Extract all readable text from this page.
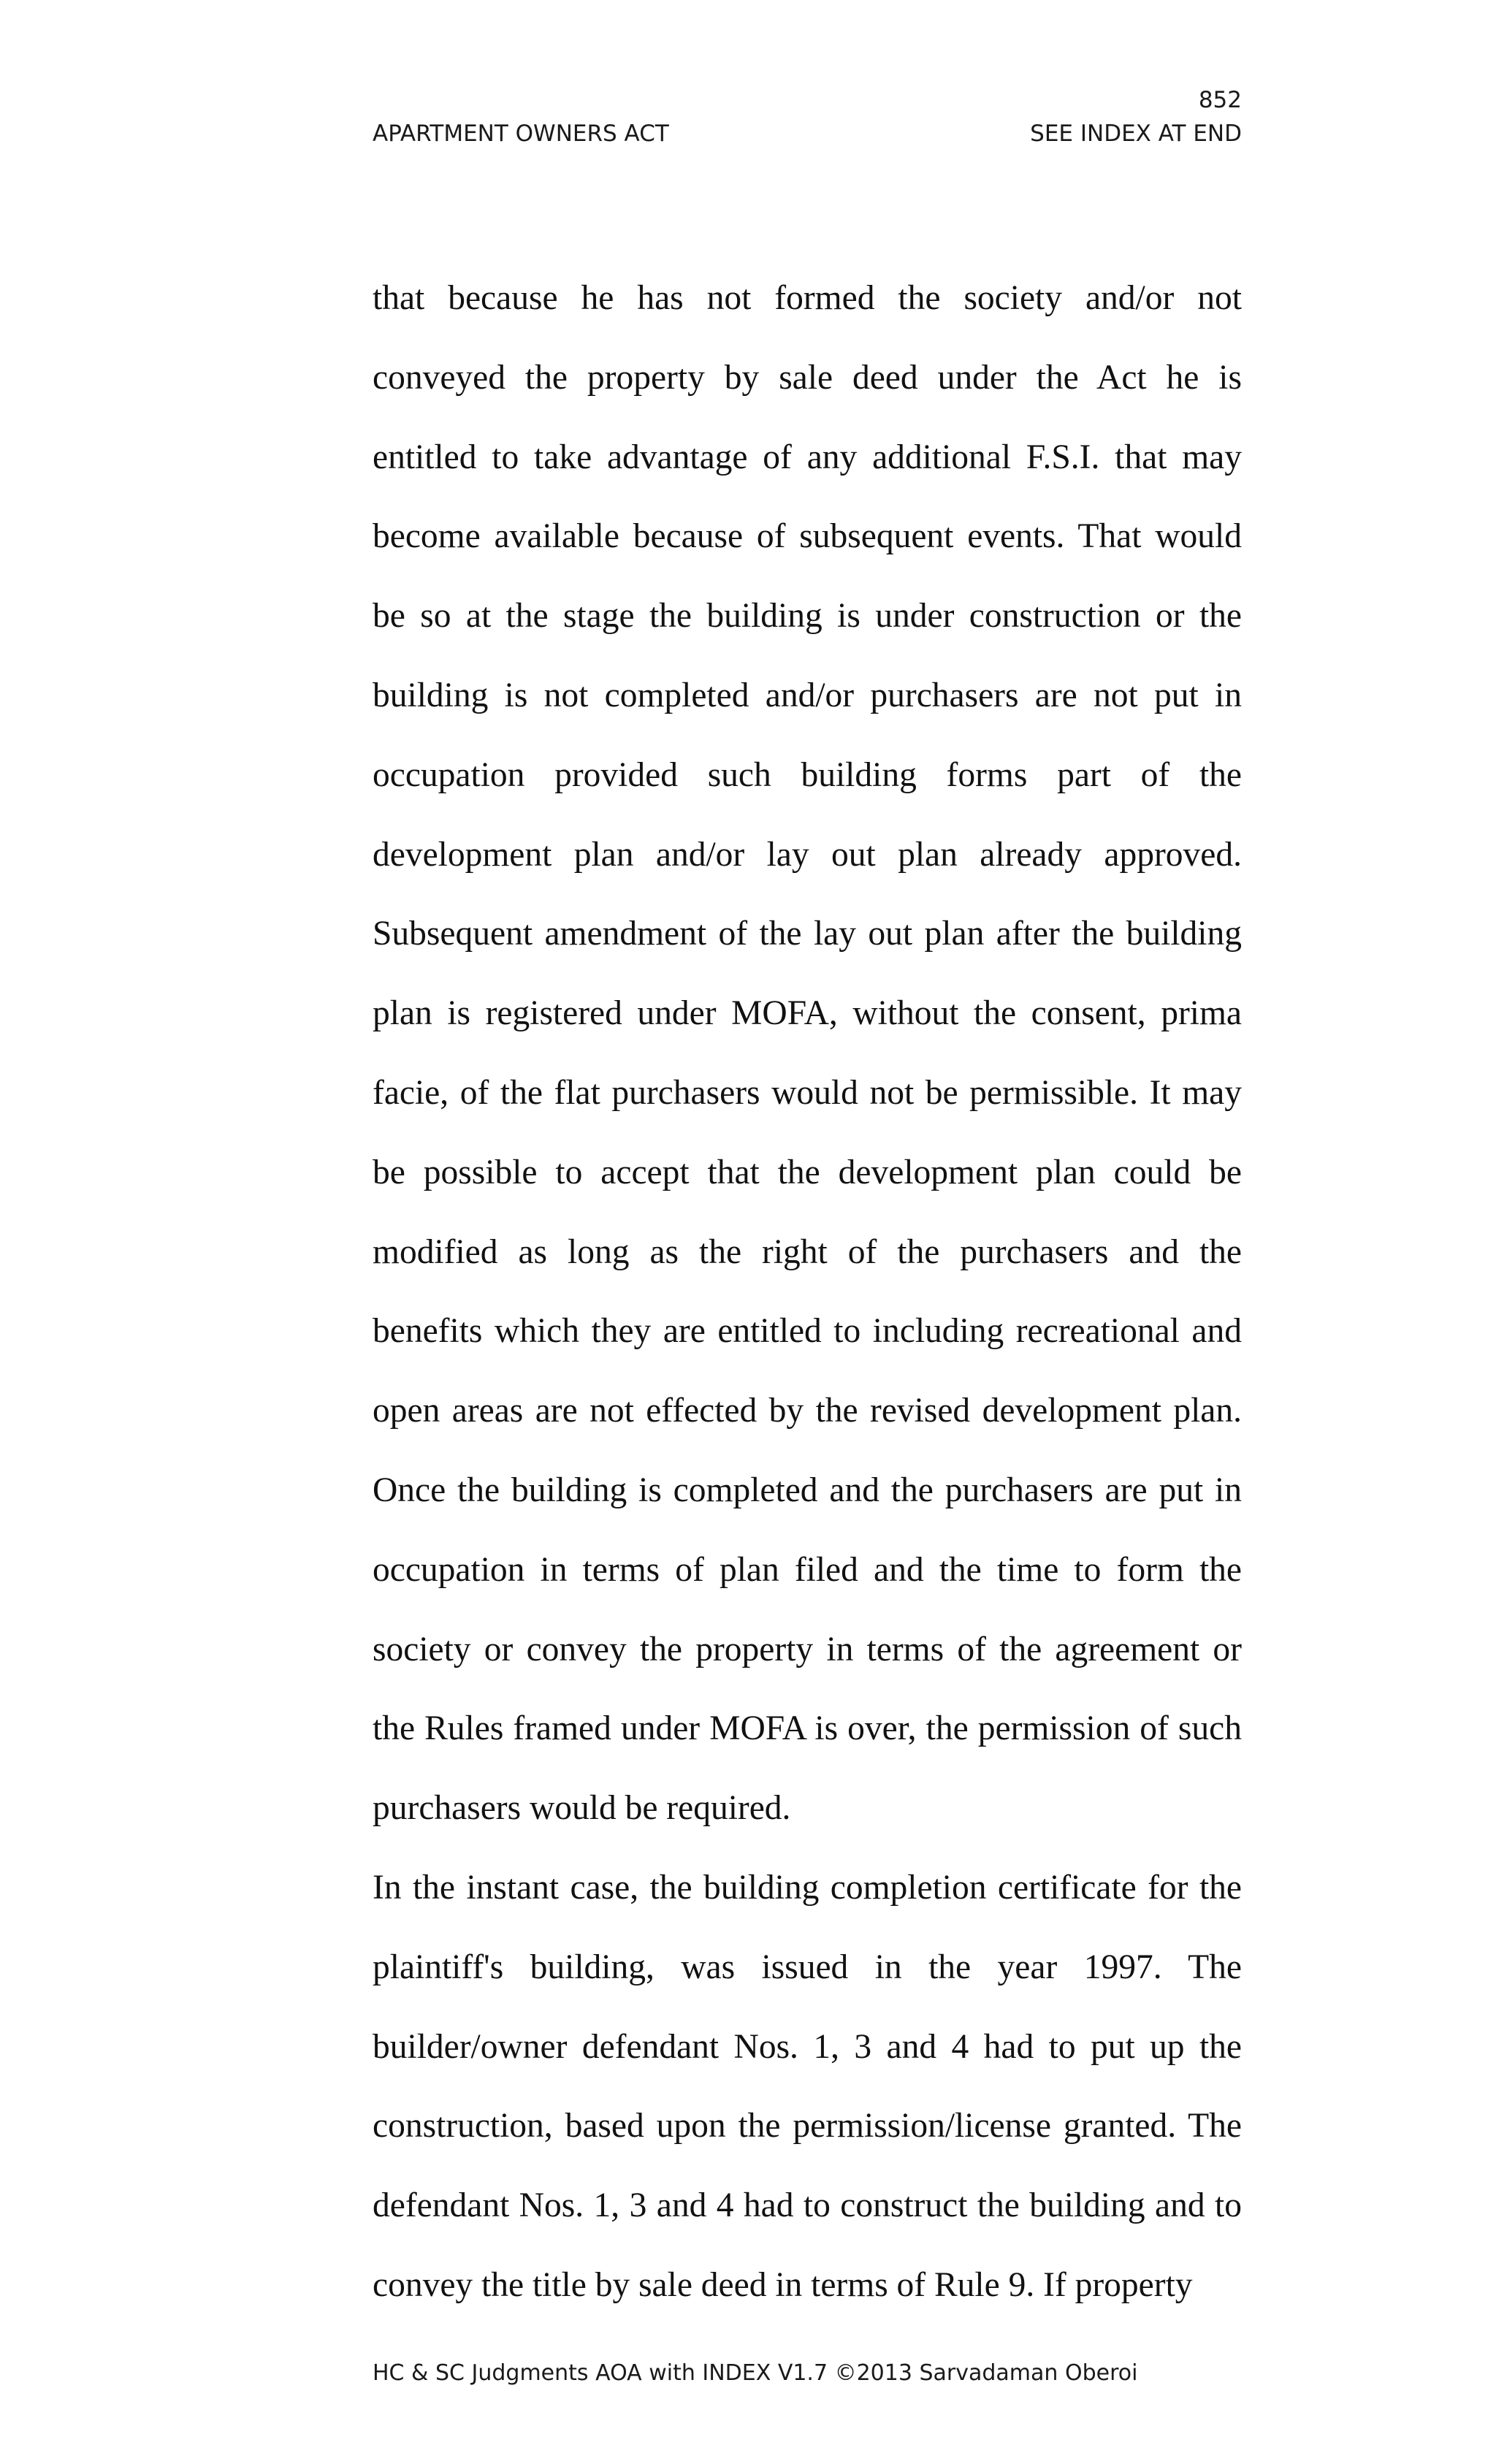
852
APARTMENT OWNERS ACT	SEE INDEX AT END

that because he has not formed the society and/or not conveyed the property by sale deed under the Act he is entitled to take advantage of any additional F.S.I. that may become available because of subsequent events. That would be so at the stage the building is under construction or the building is not completed and/or purchasers are not put in occupation provided such building forms part of the development plan and/or lay out plan already approved. Subsequent amendment of the lay out plan after the building plan is registered under MOFA, without the consent, prima facie, of the flat purchasers would not be permissible. It may be possible to accept that the development plan could be modified as long as the right of the purchasers and the benefits which they are entitled to including recreational and open areas are not effected by the revised development plan. Once the building is completed and the purchasers are put in occupation in terms of plan filed and the time to form the society or convey the property in terms of the agreement or the Rules framed under MOFA is over, the permission of such purchasers would be required.

In the instant case, the building completion certificate for the plaintiff's building, was issued in the year 1997. The builder/owner defendant Nos. 1, 3 and 4 had to put up the construction, based upon the permission/license granted. The defendant Nos. 1, 3 and 4 had to construct the building and to convey the title by sale deed in terms of Rule 9. If property

HC & SC Judgments AOA with INDEX V1.7 ©2013 Sarvadaman Oberoi
